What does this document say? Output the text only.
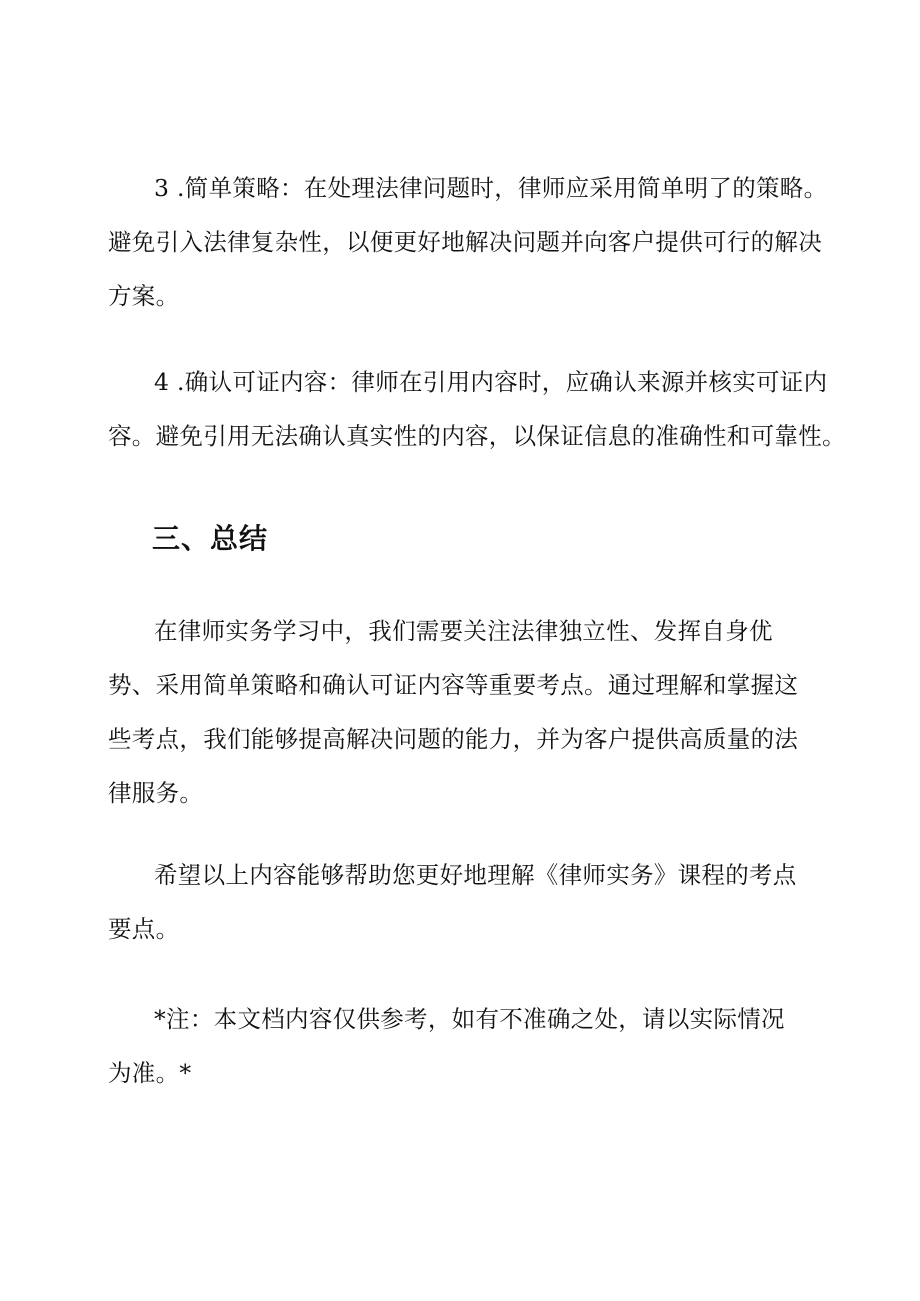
3 .简单策略：在处理法律问题时，律师应采用简单明了的策略。避免引入法律复杂性，以便更好地解决问题并向客户提供可行的解决方案。

4 .确认可证内容：律师在引用内容时，应确认来源并核实可证内容。避免引用无法确认真实性的内容，以保证信息的准确性和可靠性。

三、总结

在律师实务学习中，我们需要关注法律独立性、发挥自身优势、采用简单策略和确认可证内容等重要考点。通过理解和掌握这些考点，我们能够提高解决问题的能力，并为客户提供高质量的法律服务。

希望以上内容能够帮助您更好地理解《律师实务》课程的考点要点。

*注：本文档内容仅供参考，如有不准确之处，请以实际情况为准。*
